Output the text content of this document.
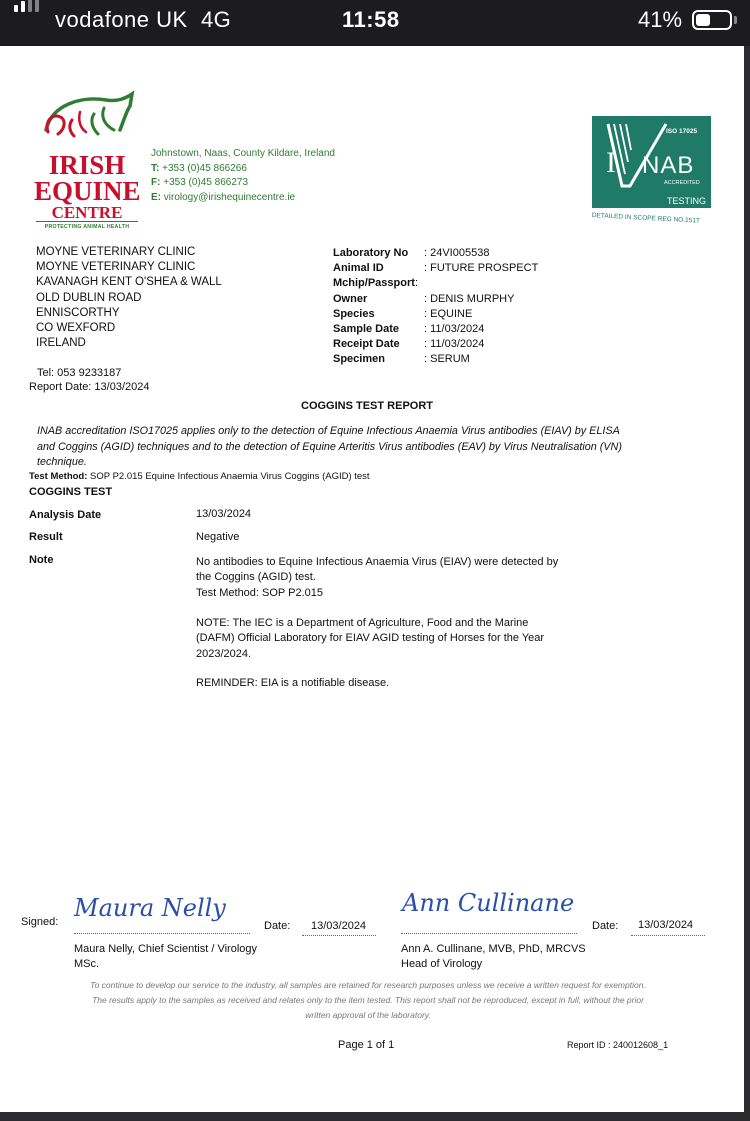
vodafone UK 4G	11:58	41%
IRISH
EQUINE
CENTRE
PROTECTING ANIMAL HEALTH
Johnstown, Naas, County Kildare, Ireland
T: +353 (0)45 866266
F: +353 (0)45 866273
E: virology@irishequinecentre.ie
ISO 17025
I NAB
ACCREDITED
TESTING
DETAILED IN SCOPE REG NO.151T
MOYNE VETERINARY CLINIC
MOYNE VETERINARY CLINIC
KAVANAGH KENT O'SHEA & WALL
OLD DUBLIN ROAD
ENNISCORTHY
CO WEXFORD
IRELAND
Tel: 053 9233187
Report Date: 13/03/2024
Laboratory No : 24VI005538
Animal ID	: FUTURE PROSPECT
Mchip/Passport :
Owner	: DENIS MURPHY
Species	: EQUINE
Sample Date : 11/03/2024
Receipt Date : 11/03/2024
Specimen	: SERUM
COGGINS TEST REPORT
INAB accreditation ISO17025 applies only to the detection of Equine Infectious Anaemia Virus antibodies (EIAV) by ELISA
and Coggins (AGID) techniques and to the detection of Equine Arteritis Virus antibodies (EAV) by Virus Neutralisation (VN)
technique.
Test Method: SOP P2.015 Equine Infectious Anaemia Virus Coggins (AGID) test
COGGINS TEST
Analysis Date	13/03/2024
Result	Negative
Note	No antibodies to Equine Infectious Anaemia Virus (EIAV) were detected by
the Coggins (AGID) test.
Test Method: SOP P2.015
NOTE: The IEC is a Department of Agriculture, Food and the Marine
(DAFM) Official Laboratory for EIAV AGID testing of Horses for the Year
2023/2024.
REMINDER: EIA is a notifiable disease.
Signed: Maura Nelly
Date: 13/03/2024
Maura Nelly, Chief Scientist / Virology
MSc.
Ann Cullinane
Date: 13/03/2024
Ann A. Cullinane, MVB, PhD, MRCVS
Head of Virology
To continue to develop our service to the industry, all samples are retained for research purposes unless we receive a written request for exemption.
The results apply to the samples as received and relates only to the item tested. This report shall not be reproduced, except in full, without the prior
written approval of the laboratory.
Page 1 of 1	Report ID : 240012608_1
